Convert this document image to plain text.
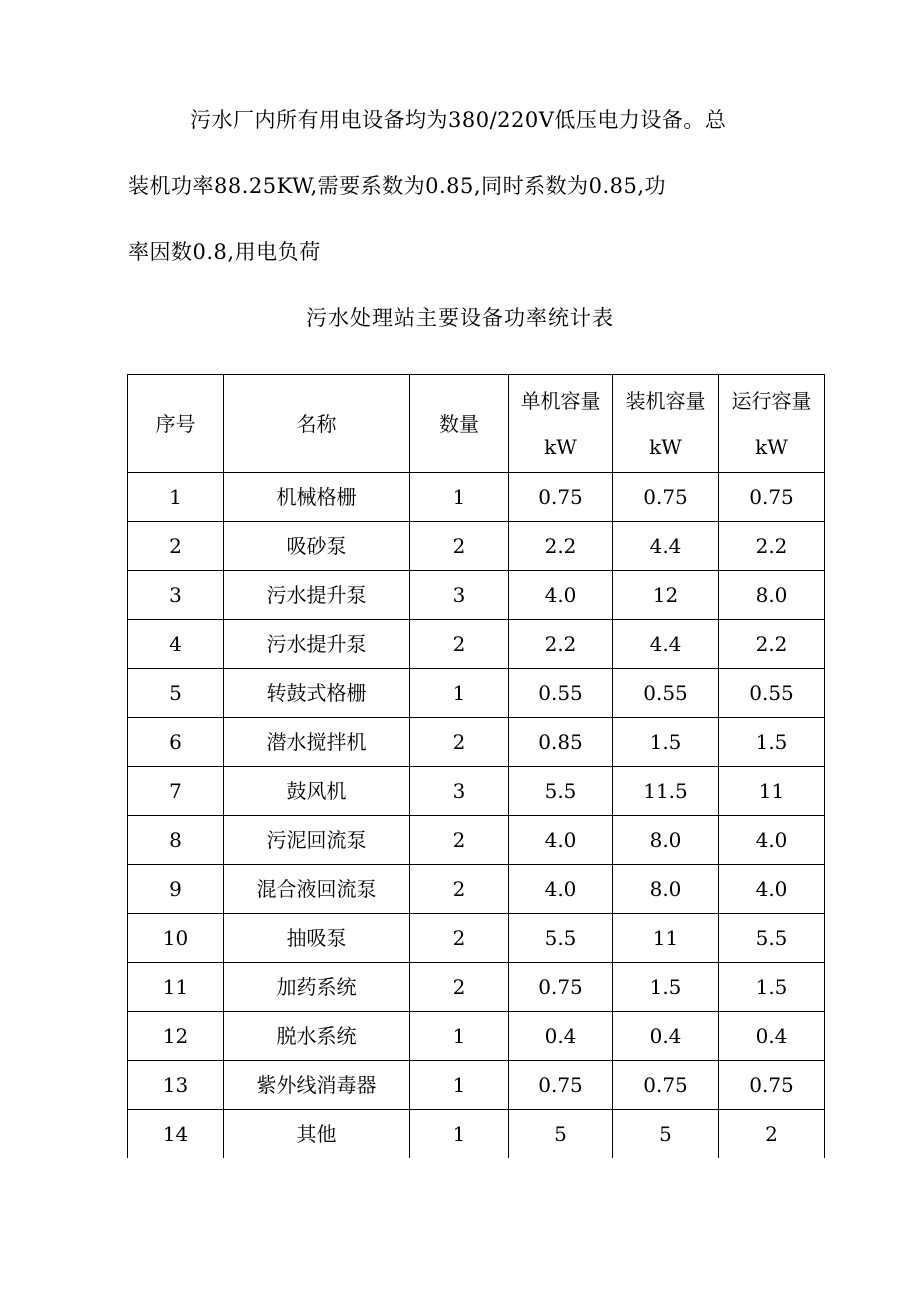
污水厂内所有用电设备均为380/220V低压电力设备。总
装机功率88.25KW,需要系数为0.85,同时系数为0.85,功
率因数0.8,用电负荷
污水处理站主要设备功率统计表
序号	名称	数量	单机容量kW	装机容量kW	运行容量kW
1	机械格栅	1	0.75	0.75	0.75
2	吸砂泵	2	2.2	4.4	2.2
3	污水提升泵	3	4.0	12	8.0
4	污水提升泵	2	2.2	4.4	2.2
5	转鼓式格栅	1	0.55	0.55	0.55
6	潜水搅拌机	2	0.85	1.5	1.5
7	鼓风机	3	5.5	11.5	11
8	污泥回流泵	2	4.0	8.0	4.0
9	混合液回流泵	2	4.0	8.0	4.0
10	抽吸泵	2	5.5	11	5.5
11	加药系统	2	0.75	1.5	1.5
12	脱水系统	1	0.4	0.4	0.4
13	紫外线消毒器	1	0.75	0.75	0.75
14	其他	1	5	5	2
